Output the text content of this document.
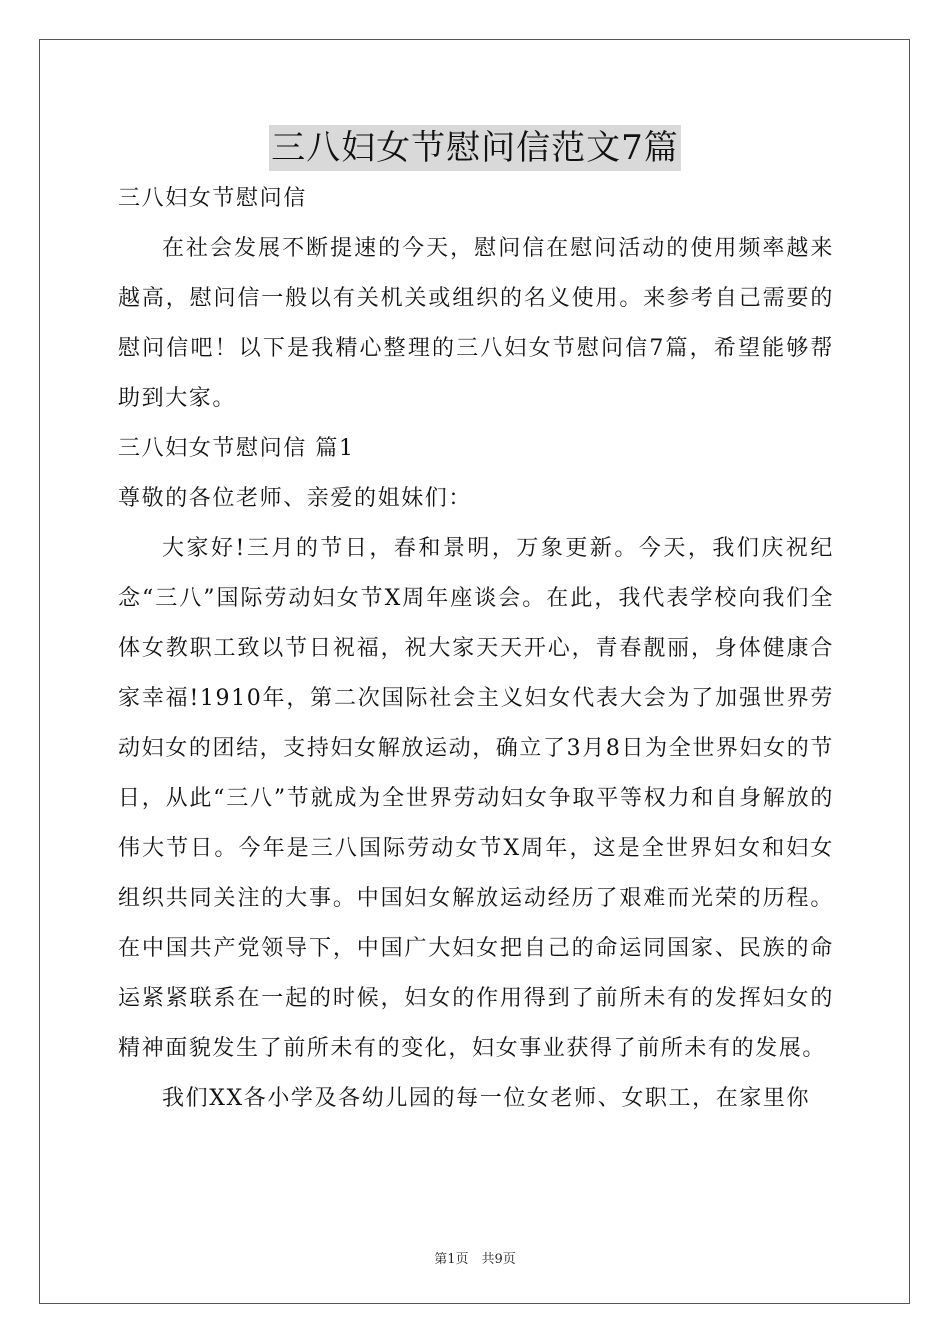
三八妇女节慰问信范文7篇

三八妇女节慰问信

在社会发展不断提速的今天，慰问信在慰问活动的使用频率越来越高，慰问信一般以有关机关或组织的名义使用。来参考自己需要的慰问信吧！以下是我精心整理的三八妇女节慰问信7篇，希望能够帮助到大家。

三八妇女节慰问信 篇1

尊敬的各位老师、亲爱的姐妹们：

大家好!三月的节日，春和景明，万象更新。今天，我们庆祝纪念“三八”国际劳动妇女节X周年座谈会。在此，我代表学校向我们全体女教职工致以节日祝福，祝大家天天开心，青春靓丽，身体健康合家幸福!1910年，第二次国际社会主义妇女代表大会为了加强世界劳动妇女的团结，支持妇女解放运动，确立了3月8日为全世界妇女的节日，从此“三八”节就成为全世界劳动妇女争取平等权力和自身解放的伟大节日。今年是三八国际劳动女节X周年，这是全世界妇女和妇女组织共同关注的大事。中国妇女解放运动经历了艰难而光荣的历程。在中国共产党领导下，中国广大妇女把自己的命运同国家、民族的命运紧紧联系在一起的时候，妇女的作用得到了前所未有的发挥妇女的精神面貌发生了前所未有的变化，妇女事业获得了前所未有的发展。

我们XX各小学及各幼儿园的每一位女老师、女职工，在家里你

第1页　共9页
